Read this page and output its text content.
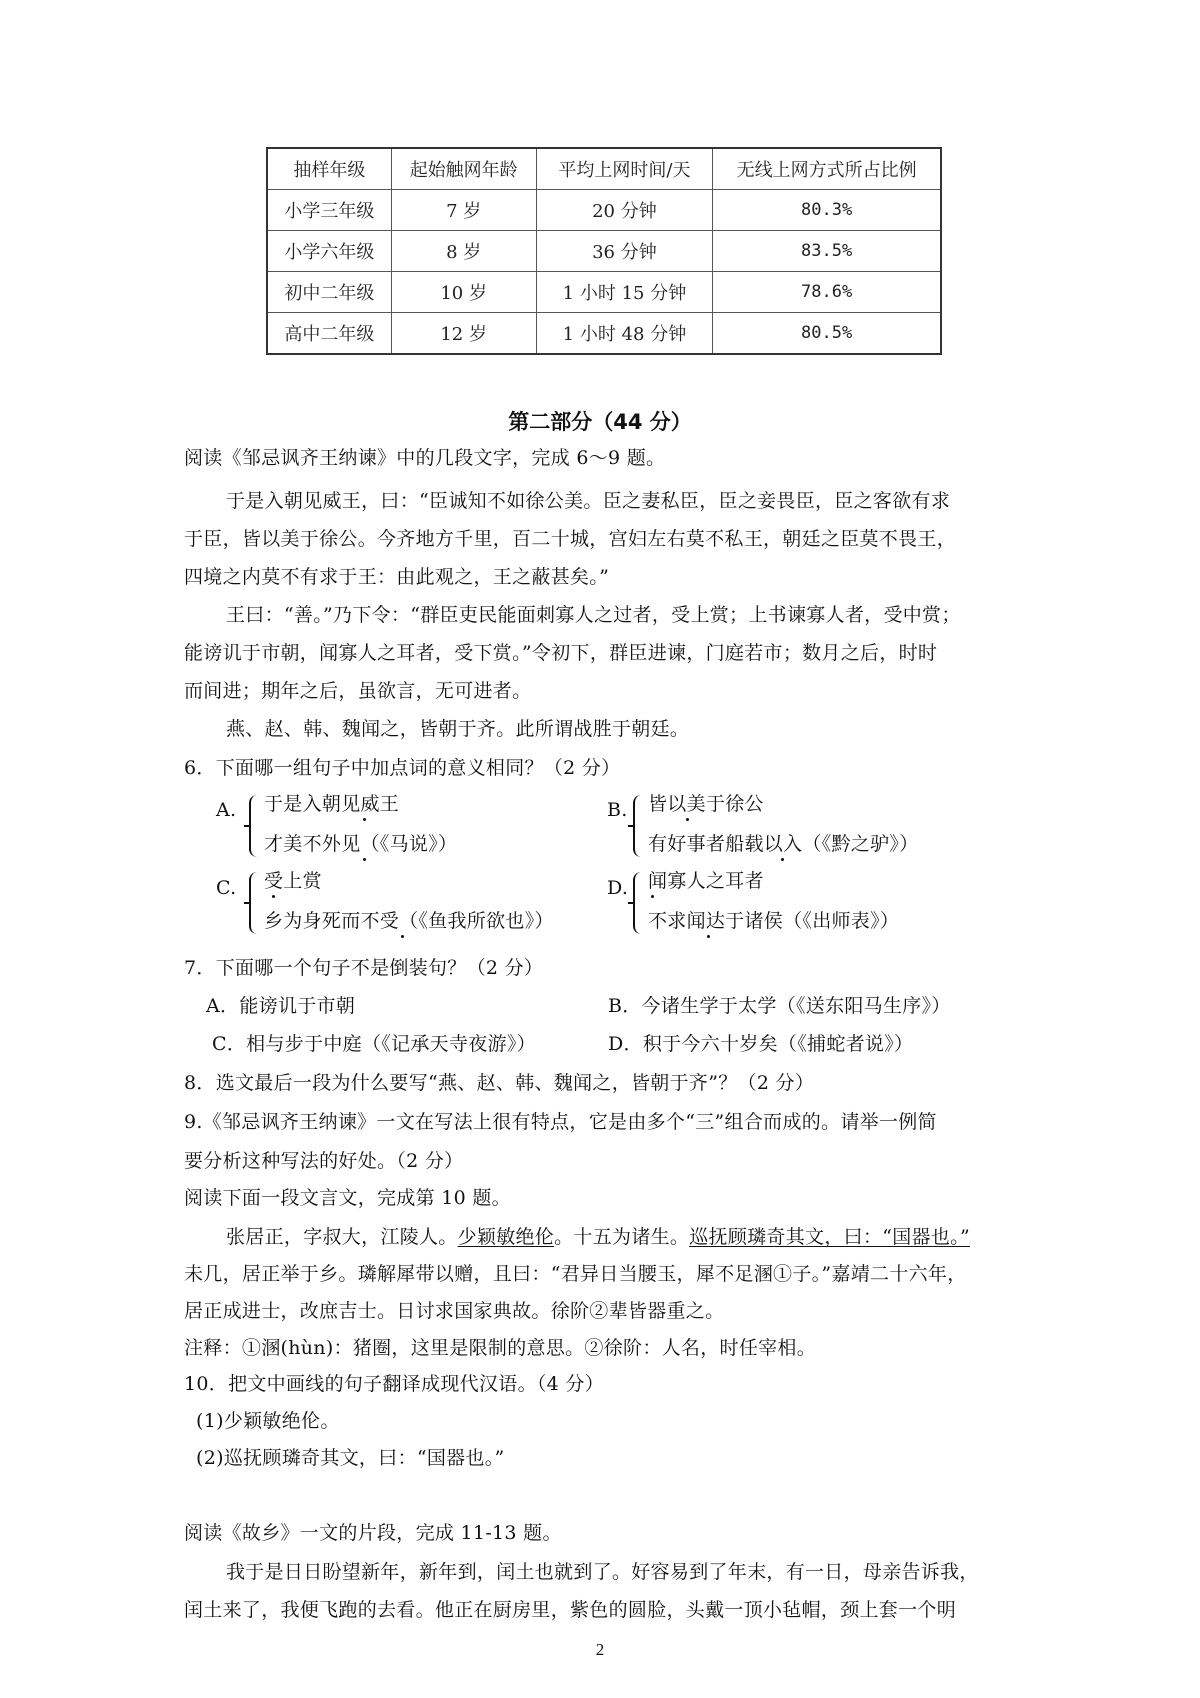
抽样年级	起始触网年龄	平均上网时间/天	无线上网方式所占比例
小学三年级	7 岁	20 分钟	80.3%
小学六年级	8 岁	36 分钟	83.5%
初中二年级	10 岁	1 小时 15 分钟	78.6%
高中二年级	12 岁	1 小时 48 分钟	80.5%
第二部分（44 分）
阅读《邹忌讽齐王纳谏》中的几段文字，完成 6～9 题。
于是入朝见威王，曰：“臣诚知不如徐公美。臣之妻私臣，臣之妾畏臣，臣之客欲有求
于臣，皆以美于徐公。今齐地方千里，百二十城，宫妇左右莫不私王，朝廷之臣莫不畏王，
四境之内莫不有求于王：由此观之，王之蔽甚矣。”
王曰：“善。”乃下令：“群臣吏民能面刺寡人之过者，受上赏；上书谏寡人者，受中赏；
能谤讥于市朝，闻寡人之耳者，受下赏。”令初下，群臣进谏，门庭若市；数月之后，时时
而间进；期年之后，虽欲言，无可进者。
燕、赵、韩、魏闻之，皆朝于齐。此所谓战胜于朝廷。
6．下面哪一组句子中加点词的意义相同？（2 分）
A. 于是入朝见威王
才美不外见（《马说》）
B. 皆以美于徐公
有好事者船载以入（《黔之驴》）
C. 受上赏
乡为身死而不受（《鱼我所欲也》）
D. 闻寡人之耳者
不求闻达于诸侯（《出师表》）
7．下面哪一个句子不是倒装句？（2 分）
A．能谤讥于市朝	B．今诸生学于太学（《送东阳马生序》）
C．相与步于中庭（《记承天寺夜游》）	D．积于今六十岁矣（《捕蛇者说》）
8．选文最后一段为什么要写“燕、赵、韩、魏闻之，皆朝于齐”？（2 分）
9.《邹忌讽齐王纳谏》一文在写法上很有特点，它是由多个“三”组合而成的。请举一例简
要分析这种写法的好处。（2 分）
阅读下面一段文言文，完成第 10 题。
张居正，字叔大，江陵人。少颖敏绝伦。十五为诸生。巡抚顾璘奇其文，曰：“国器也。”
未几，居正举于乡。璘解犀带以赠，且曰：“君异日当腰玉，犀不足溷①子。”嘉靖二十六年，
居正成进士，改庶吉士。日讨求国家典故。徐阶②辈皆器重之。
注释：①溷(hùn)：猪圈，这里是限制的意思。②徐阶：人名，时任宰相。
10．把文中画线的句子翻译成现代汉语。（4 分）
(1)少颖敏绝伦。
(2)巡抚顾璘奇其文，曰：“国器也。”
阅读《故乡》一文的片段，完成 11-13 题。
我于是日日盼望新年，新年到，闰土也就到了。好容易到了年末，有一日，母亲告诉我，
闰土来了，我便飞跑的去看。他正在厨房里，紫色的圆脸，头戴一顶小毡帽，颈上套一个明
2
